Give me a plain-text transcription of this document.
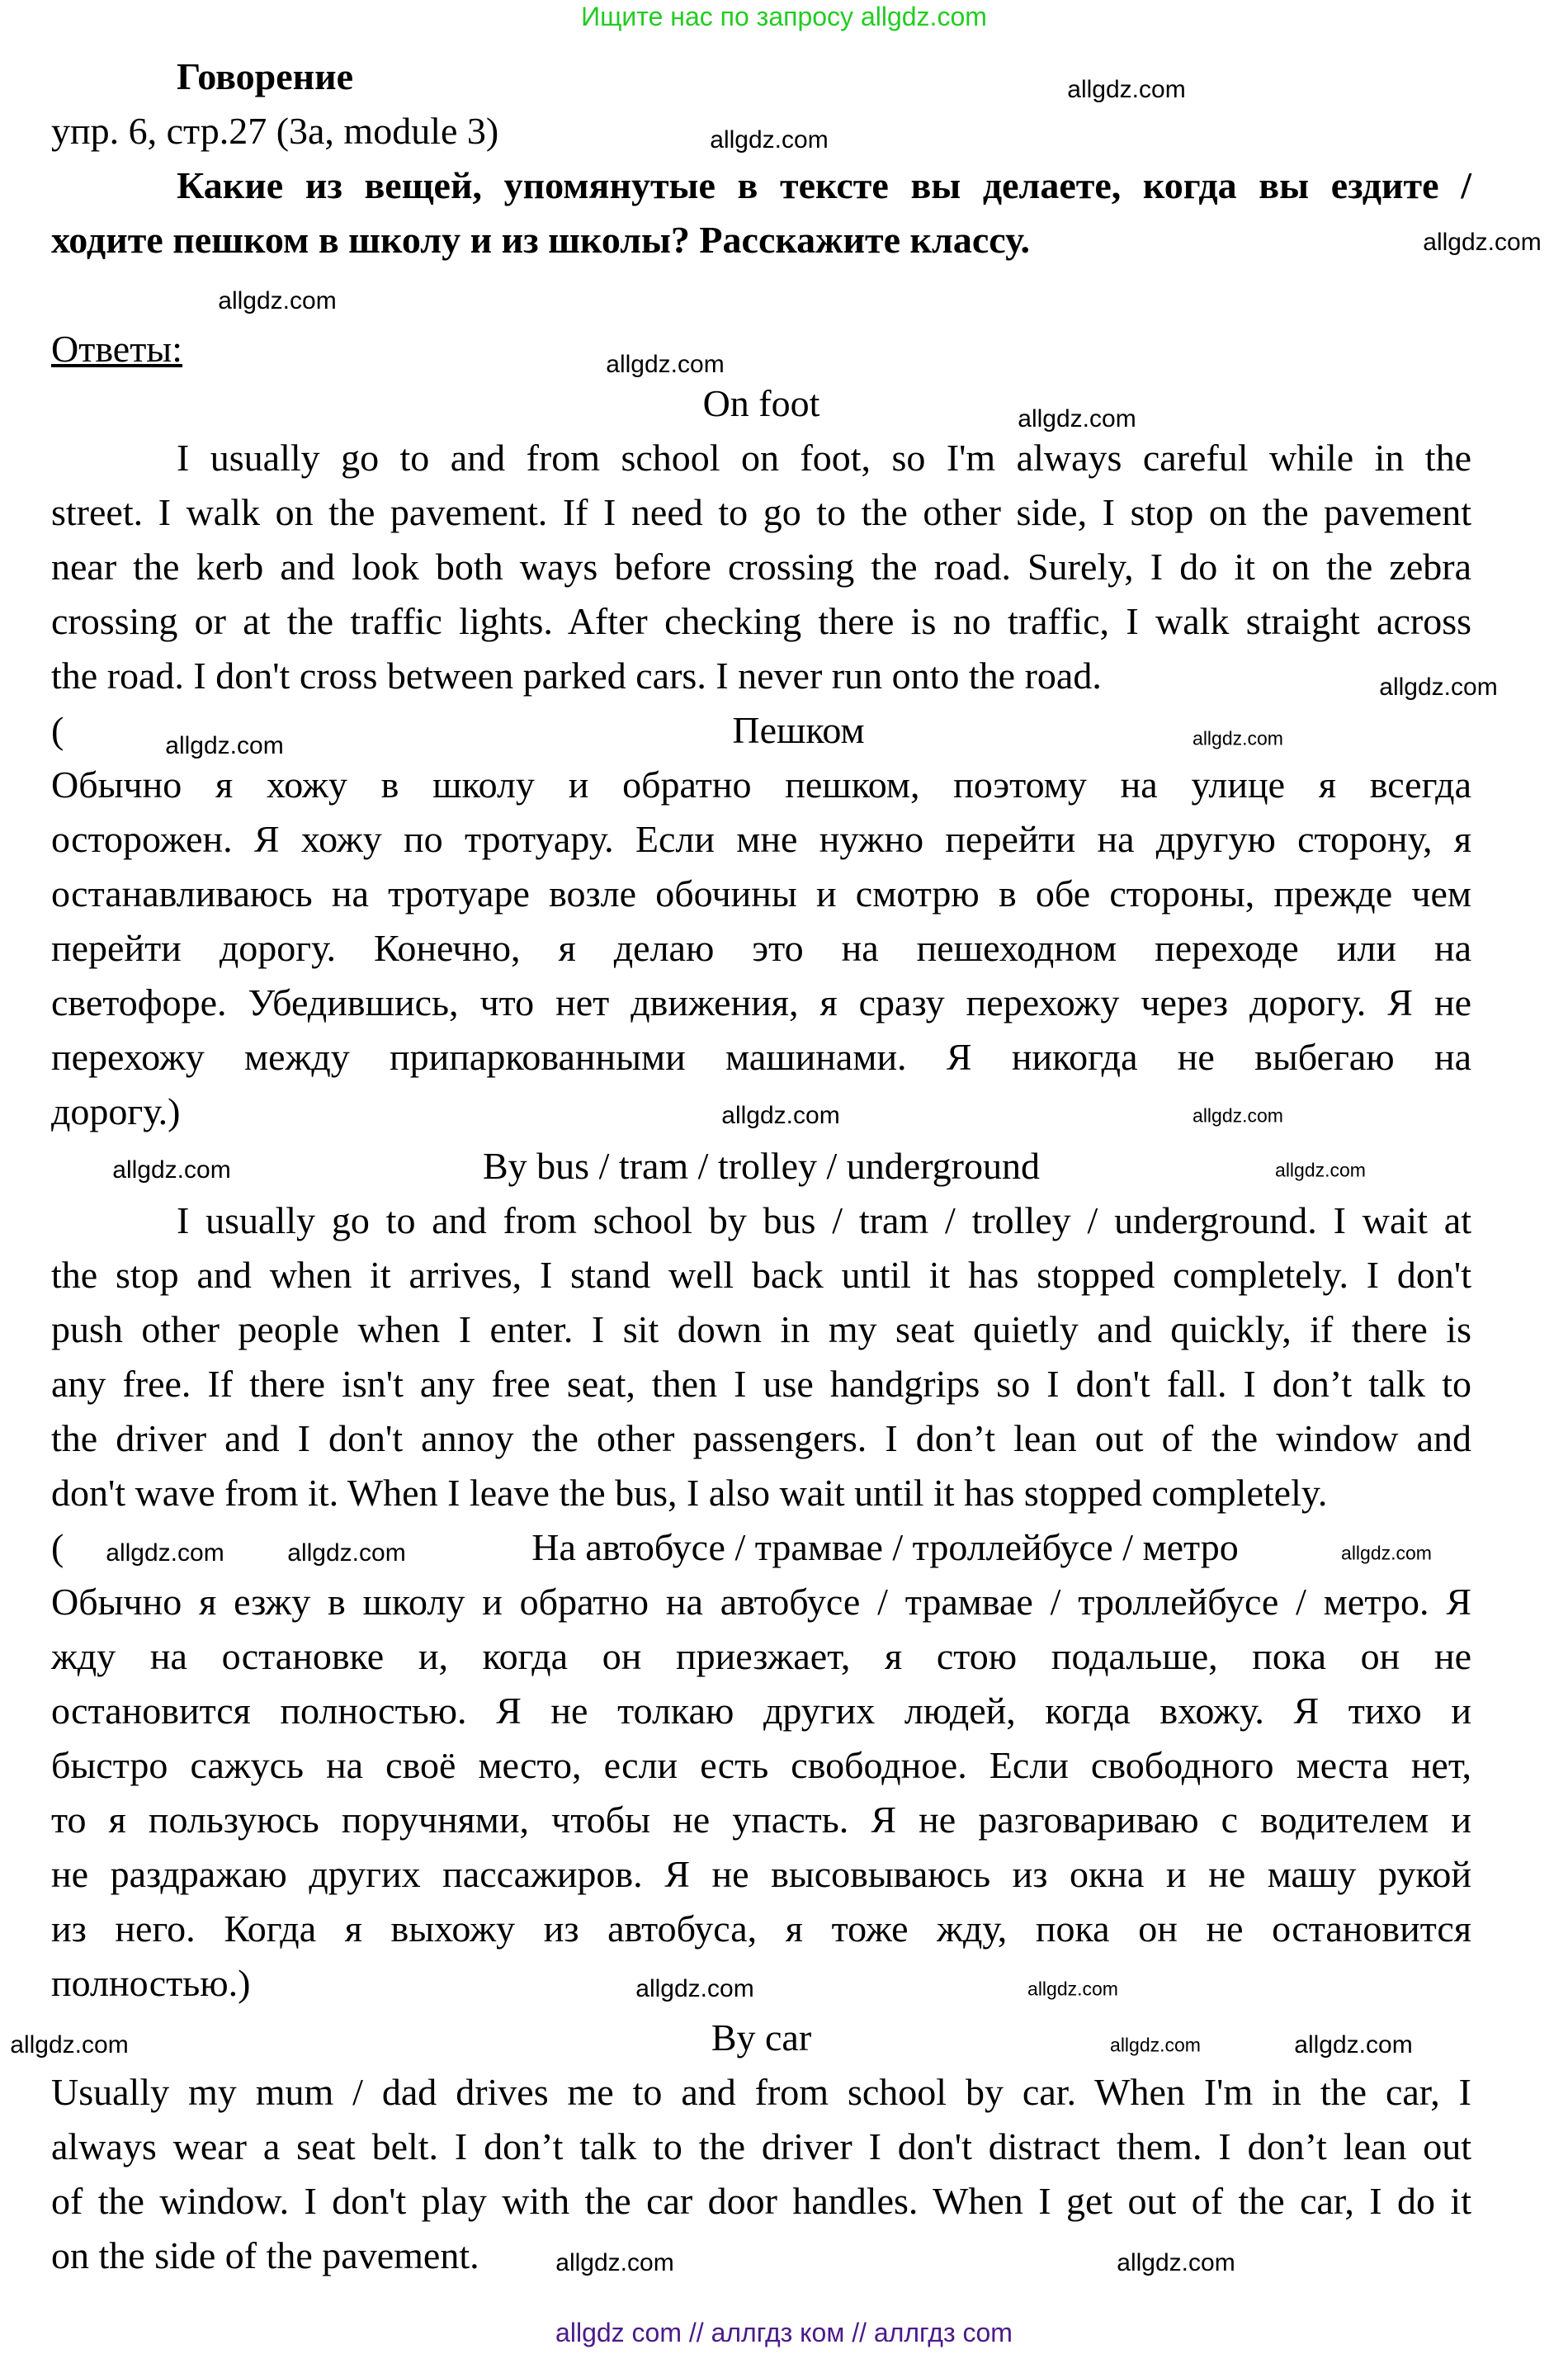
Ищите нас по запросу allgdz.com
Говорение
упр. 6, стр.27 (3a, module 3)
Какие из вещей, упомянутые в тексте вы делаете, когда вы ездите /
ходите пешком в школу и из школы? Расскажите классу.
Ответы:
On foot
I usually go to and from school on foot, so I'm always careful while in the
street. I walk on the pavement. If I need to go to the other side, I stop on the pavement
near the kerb and look both ways before crossing the road. Surely, I do it on the zebra
crossing or at the traffic lights. After checking there is no traffic, I walk straight across
the road. I don't cross between parked cars. I never run onto the road.
(	Пешком
Обычно я хожу в школу и обратно пешком, поэтому на улице я всегда
осторожен. Я хожу по тротуару. Если мне нужно перейти на другую сторону, я
останавливаюсь на тротуаре возле обочины и смотрю в обе стороны, прежде чем
перейти дорогу. Конечно, я делаю это на пешеходном переходе или на
светофоре. Убедившись, что нет движения, я сразу перехожу через дорогу. Я не
перехожу между припаркованными машинами. Я никогда не выбегаю на
дорогу.)
By bus / tram / trolley / underground
I usually go to and from school by bus / tram / trolley / underground. I wait at
the stop and when it arrives, I stand well back until it has stopped completely. I don't
push other people when I enter. I sit down in my seat quietly and quickly, if there is
any free. If there isn't any free seat, then I use handgrips so I don't fall. I don’t talk to
the driver and I don't annoy the other passengers. I don’t lean out of the window and
don't wave from it. When I leave the bus, I also wait until it has stopped completely.
(	На автобусе / трамвае / троллейбусе / метро
Обычно я езжу в школу и обратно на автобусе / трамвае / троллейбусе / метро. Я
жду на остановке и, когда он приезжает, я стою подальше, пока он не
остановится полностью. Я не толкаю других людей, когда вхожу. Я тихо и
быстро сажусь на своё место, если есть свободное. Если свободного места нет,
то я пользуюсь поручнями, чтобы не упасть. Я не разговариваю с водителем и
не раздражаю других пассажиров. Я не высовываюсь из окна и не машу рукой
из него. Когда я выхожу из автобуса, я тоже жду, пока он не остановится
полностью.)
By car
Usually my mum / dad drives me to and from school by car. When I'm in the car, I
always wear a seat belt. I don’t talk to the driver I don't distract them. I don’t lean out
of the window. I don't play with the car door handles. When I get out of the car, I do it
on the side of the pavement.
allgdz.com
allgdz.com
allgdz.com
allgdz.com
allgdz.com
allgdz.com
allgdz.com
allgdz.com	allgdz.com
allgdz.com
allgdz.com
allgdz.com	allgdz.com
allgdz.com
allgdz.com	allgdz.com
allgdz.com
allgdz.com
allgdz.com
allgdz.com	allgdz.com
allgdz.com
allgdz.com
allgdz com // аллгдз ком // аллгдз com
